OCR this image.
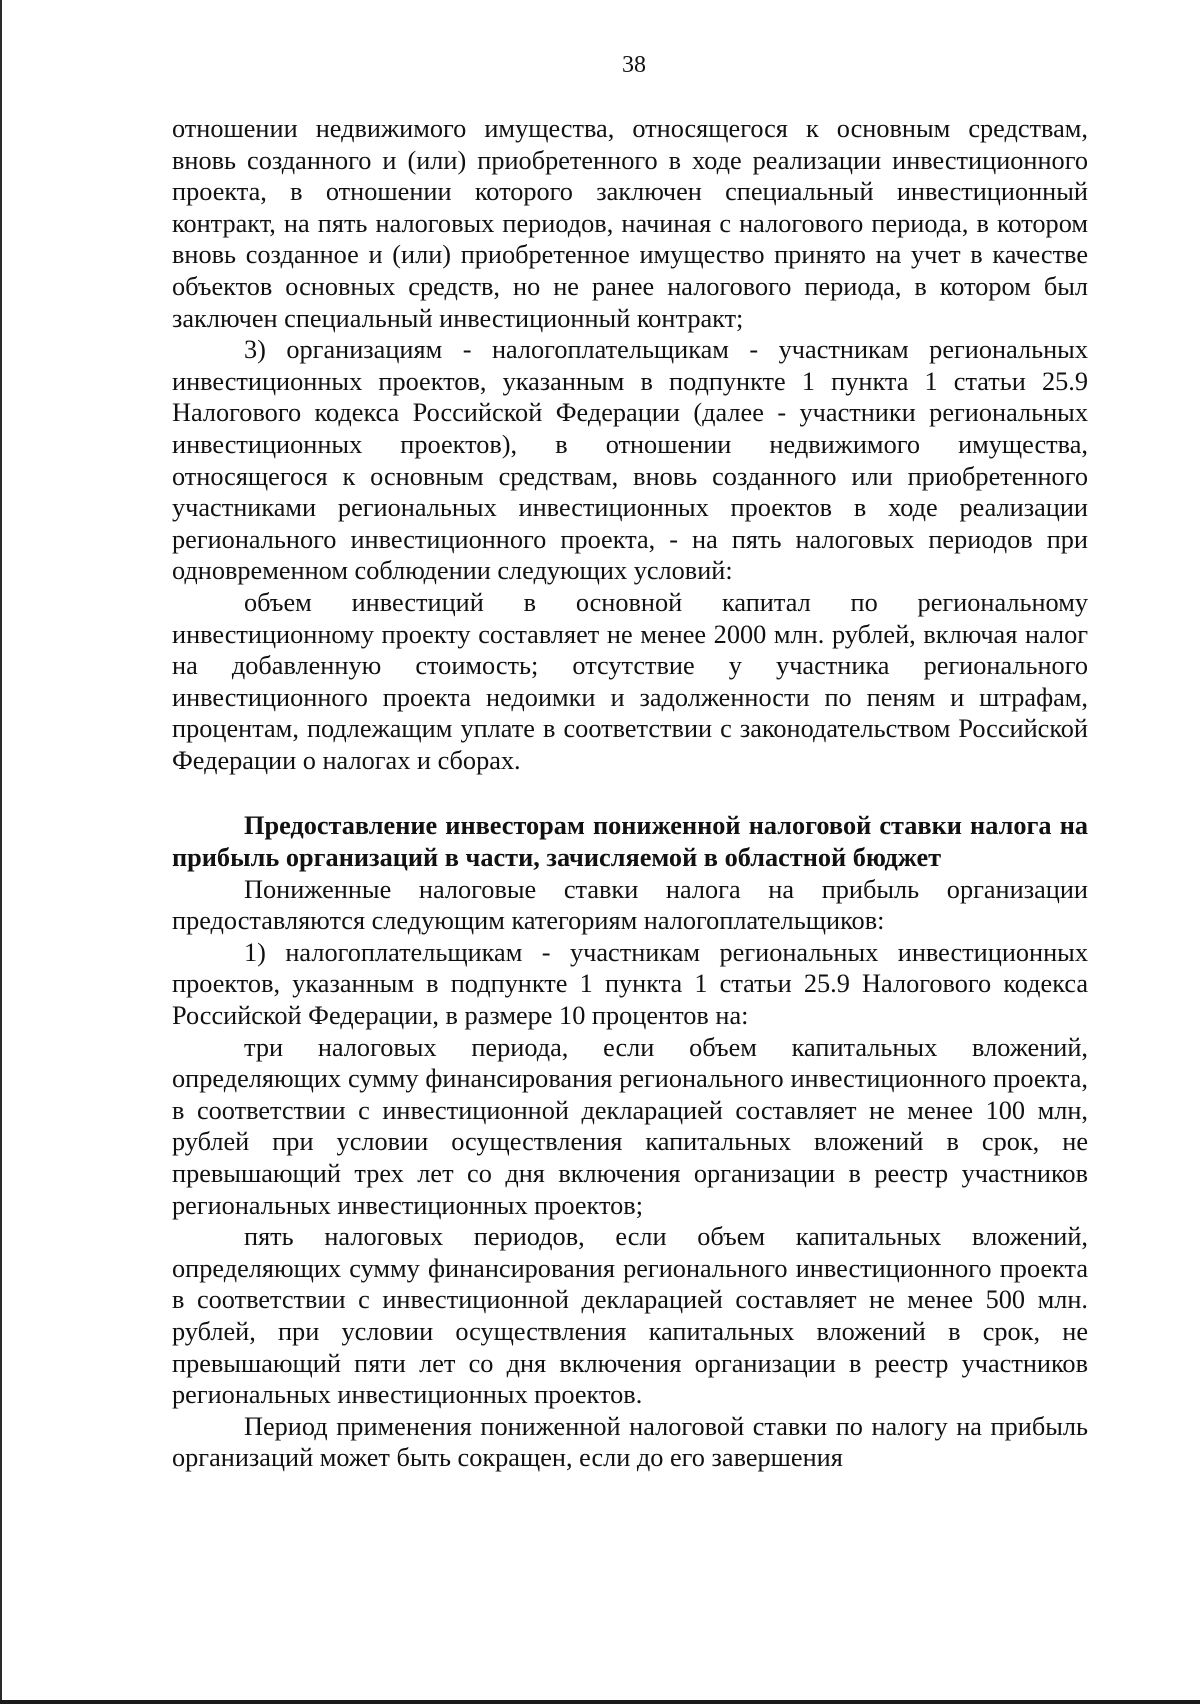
38

отношении недвижимого имущества, относящегося к основным средствам, вновь созданного и (или) приобретенного в ходе реализации инвестиционного проекта, в отношении которого заключен специальный инвестиционный контракт, на пять налоговых периодов, начиная с налогового периода, в котором вновь созданное и (или) приобретенное имущество принято на учет в качестве объектов основных средств, но не ранее налогового периода, в котором был заключен специальный инвестиционный контракт;

3) организациям - налогоплательщикам - участникам региональных инвестиционных проектов, указанным в подпункте 1 пункта 1 статьи 25.9 Налогового кодекса Российской Федерации (далее - участники региональных инвестиционных проектов), в отношении недвижимого имущества, относящегося к основным средствам, вновь созданного или приобретенного участниками региональных инвестиционных проектов в ходе реализации регионального инвестиционного проекта, - на пять налоговых периодов при одновременном соблюдении следующих условий:

объем инвестиций в основной капитал по региональному инвестиционному проекту составляет не менее 2000 млн. рублей, включая налог на добавленную стоимость; отсутствие у участника регионального инвестиционного проекта недоимки и задолженности по пеням и штрафам, процентам, подлежащим уплате в соответствии с законодательством Российской Федерации о налогах и сборах.

Предоставление инвесторам пониженной налоговой ставки налога на прибыль организаций в части, зачисляемой в областной бюджет

Пониженные налоговые ставки налога на прибыль организации предоставляются следующим категориям налогоплательщиков:

1) налогоплательщикам - участникам региональных инвестиционных проектов, указанным в подпункте 1 пункта 1 статьи 25.9 Налогового кодекса Российской Федерации, в размере 10 процентов на:

три налоговых периода, если объем капитальных вложений, определяющих сумму финансирования регионального инвестиционного проекта, в соответствии с инвестиционной декларацией составляет не менее 100 млн, рублей при условии осуществления капитальных вложений в срок, не превышающий трех лет со дня включения организации в реестр участников региональных инвестиционных проектов;

пять налоговых периодов, если объем капитальных вложений, определяющих сумму финансирования регионального инвестиционного проекта в соответствии с инвестиционной декларацией составляет не менее 500 млн. рублей, при условии осуществления капитальных вложений в срок, не превышающий пяти лет со дня включения организации в реестр участников региональных инвестиционных проектов.

Период применения пониженной налоговой ставки по налогу на прибыль организаций может быть сокращен, если до его завершения
